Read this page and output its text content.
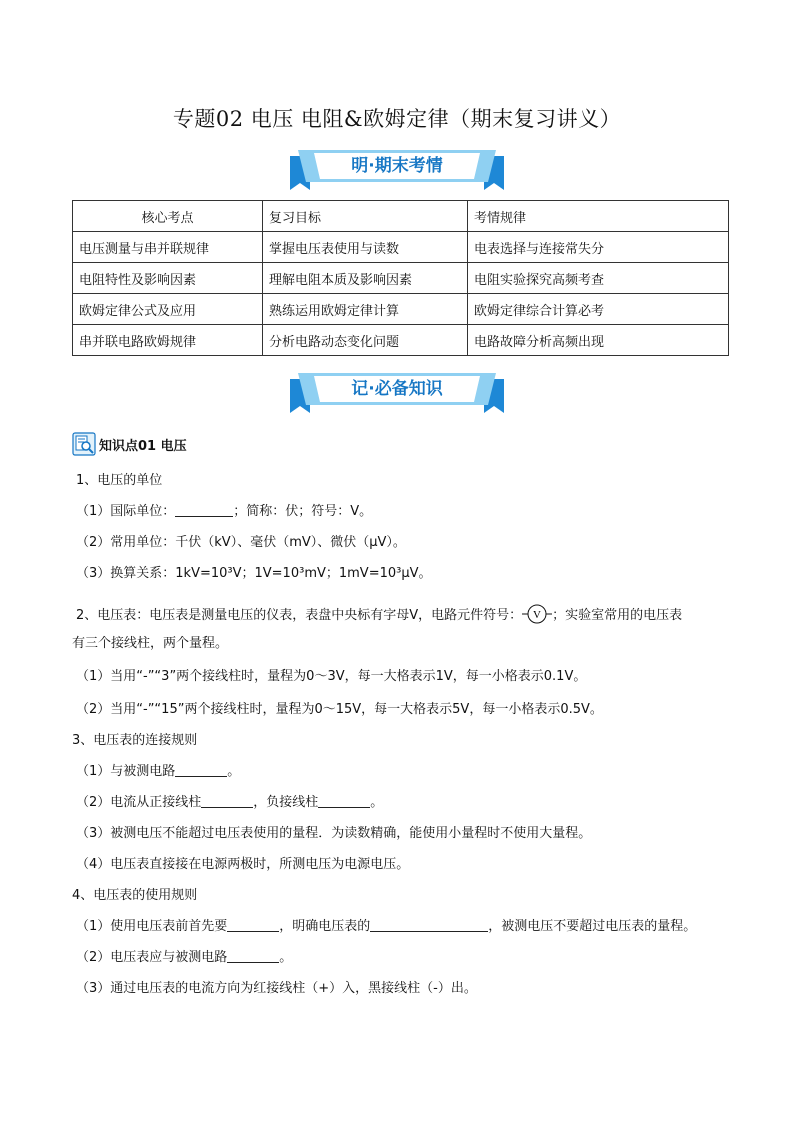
专题02 电压 电阻&欧姆定律（期末复习讲义）
明·期末考情
核心考点	复习目标	考情规律
电压测量与串并联规律	掌握电压表使用与读数	电表选择与连接常失分
电阻特性及影响因素	理解电阻本质及影响因素	电阻实验探究高频考查
欧姆定律公式及应用	熟练运用欧姆定律计算	欧姆定律综合计算必考
串并联电路欧姆规律	分析电路动态变化问题	电路故障分析高频出现
记·必备知识
知识点01 电压
1、电压的单位
（1）国际单位：	；简称：伏；符号：V。
（2）常用单位：千伏（kV）、毫伏（mV）、微伏（μV）。
（3）换算关系：1kV=10³V；1V=10³mV；1mV=10³μV。
2、电压表：电压表是测量电压的仪表，表盘中央标有字母V，电路元件符号： V ；实验室常用的电压表
有三个接线柱，两个量程。
（1）当用“-”“3”两个接线柱时，量程为0～3V，每一大格表示1V，每一小格表示0.1V。
（2）当用“-”“15”两个接线柱时，量程为0～15V，每一大格表示5V，每一小格表示0.5V。
3、电压表的连接规则
（1）与被测电路	。
（2）电流从正接线柱	，负接线柱	。
（3）被测电压不能超过电压表使用的量程．为读数精确，能使用小量程时不使用大量程。
（4）电压表直接接在电源两极时，所测电压为电源电压。
4、电压表的使用规则
（1）使用电压表前首先要	，明确电压表的	，被测电压不要超过电压表的量程。
（2）电压表应与被测电路	。
（3）通过电压表的电流方向为红接线柱（+）入，黑接线柱（-）出。
